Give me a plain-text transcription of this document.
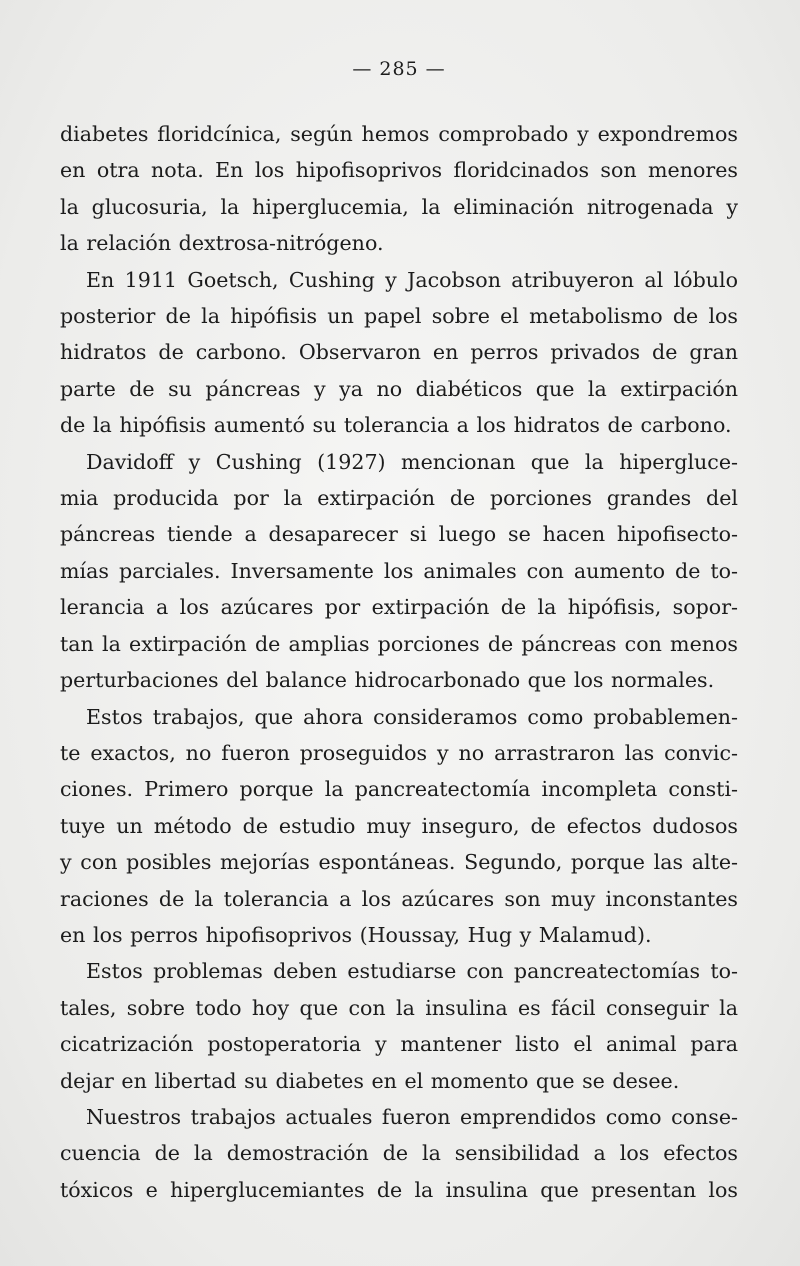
— 285 —

diabetes floridcínica, según hemos comprobado y expondremos

en otra nota. En los hipofisoprivos floridcinados son menores

la glucosuria, la hiperglucemia, la eliminación nitrogenada y

la relación dextrosa-nitrógeno.

En 1911 Goetsch, Cushing y Jacobson atribuyeron al lóbulo

posterior de la hipófisis un papel sobre el metabolismo de los

hidratos de carbono. Observaron en perros privados de gran

parte de su páncreas y ya no diabéticos que la extirpación

de la hipófisis aumentó su tolerancia a los hidratos de carbono.

Davidoff y Cushing (1927) mencionan que la hipergluce-

mia producida por la extirpación de porciones grandes del

páncreas tiende a desaparecer si luego se hacen hipofisecto-

mías parciales. Inversamente los animales con aumento de to-

lerancia a los azúcares por extirpación de la hipófisis, sopor-

tan la extirpación de amplias porciones de páncreas con menos

perturbaciones del balance hidrocarbonado que los normales.

Estos trabajos, que ahora consideramos como probablemen-

te exactos, no fueron proseguidos y no arrastraron las convic-

ciones. Primero porque la pancreatectomía incompleta consti-

tuye un método de estudio muy inseguro, de efectos dudosos

y con posibles mejorías espontáneas. Segundo, porque las alte-

raciones de la tolerancia a los azúcares son muy inconstantes

en los perros hipofisoprivos (Houssay, Hug y Malamud).

Estos problemas deben estudiarse con pancreatectomías to-

tales, sobre todo hoy que con la insulina es fácil conseguir la

cicatrización postoperatoria y mantener listo el animal para

dejar en libertad su diabetes en el momento que se desee.

Nuestros trabajos actuales fueron emprendidos como conse-

cuencia de la demostración de la sensibilidad a los efectos

tóxicos e hiperglucemiantes de la insulina que presentan los
